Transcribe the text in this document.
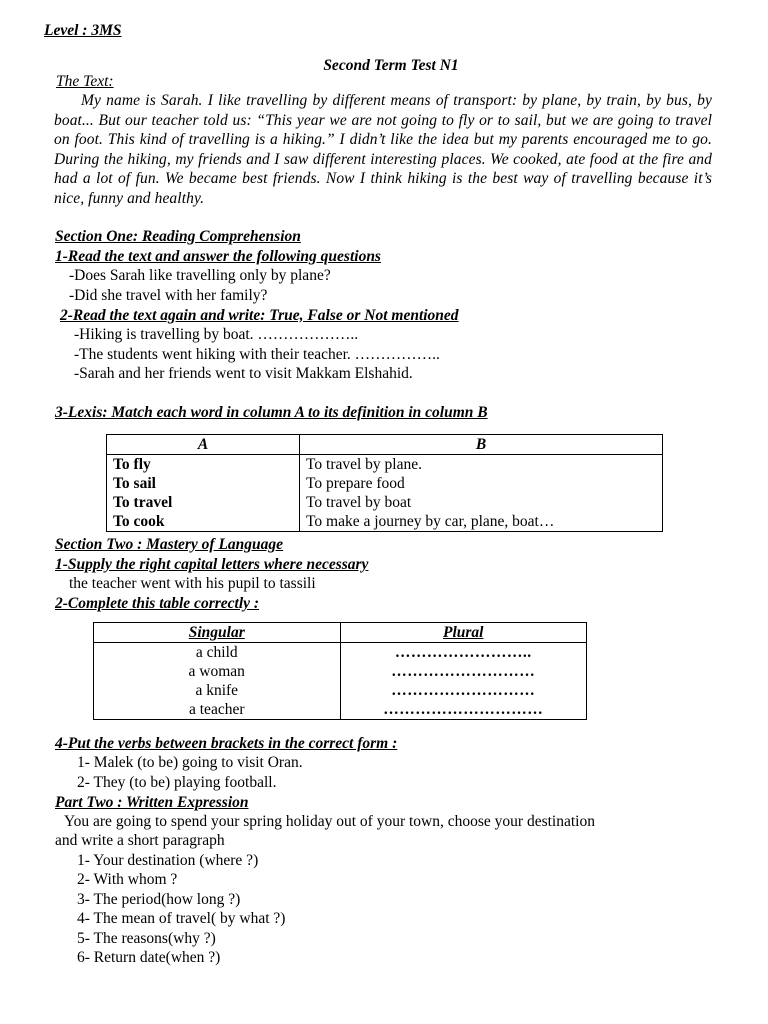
Level : 3MS
Second Term Test N1
The Text:
My name is Sarah. I like travelling by different means of transport: by plane, by train, by bus, by boat... But our teacher told us: “This year we are not going to fly or to sail, but we are going to travel on foot. This kind of travelling is a hiking.” I didn’t like the idea but my parents encouraged me to go. During the hiking, my friends and I saw different interesting places. We cooked, ate food at the fire and had a lot of fun. We became best friends. Now I think hiking is the best way of travelling because it’s nice, funny and healthy.
Section One: Reading Comprehension
1-Read the text and answer the following questions
-Does Sarah like travelling only by plane?
-Did she travel with her family?
2-Read the text again and write: True, False or Not mentioned
-Hiking is travelling by boat. ………………..
-The students went hiking with their teacher. ……………..
-Sarah and her friends went to visit Makkam Elshahid.
3-Lexis: Match each word in column A to its definition in column B
A	B
To fly	To travel by plane.
To sail	To prepare food
To travel	To travel by boat
To cook	To make a journey by car, plane, boat…
Section Two : Mastery of Language
1-Supply the right capital letters where necessary
the teacher went with his pupil to tassili
2-Complete this table correctly :
Singular	Plural
a child	……………………..
a woman	………………………
a knife	………………………
a teacher	…………………………
4-Put the verbs between brackets in the correct form :
1- Malek (to be) going to visit Oran.
2- They (to be) playing football.
Part Two : Written Expression
You are going to spend your spring holiday out of your town, choose your destination
and write a short paragraph
1- Your destination (where ?)
2- With whom ?
3- The period(how long ?)
4- The mean of travel( by what ?)
5- The reasons(why ?)
6- Return date(when ?)
